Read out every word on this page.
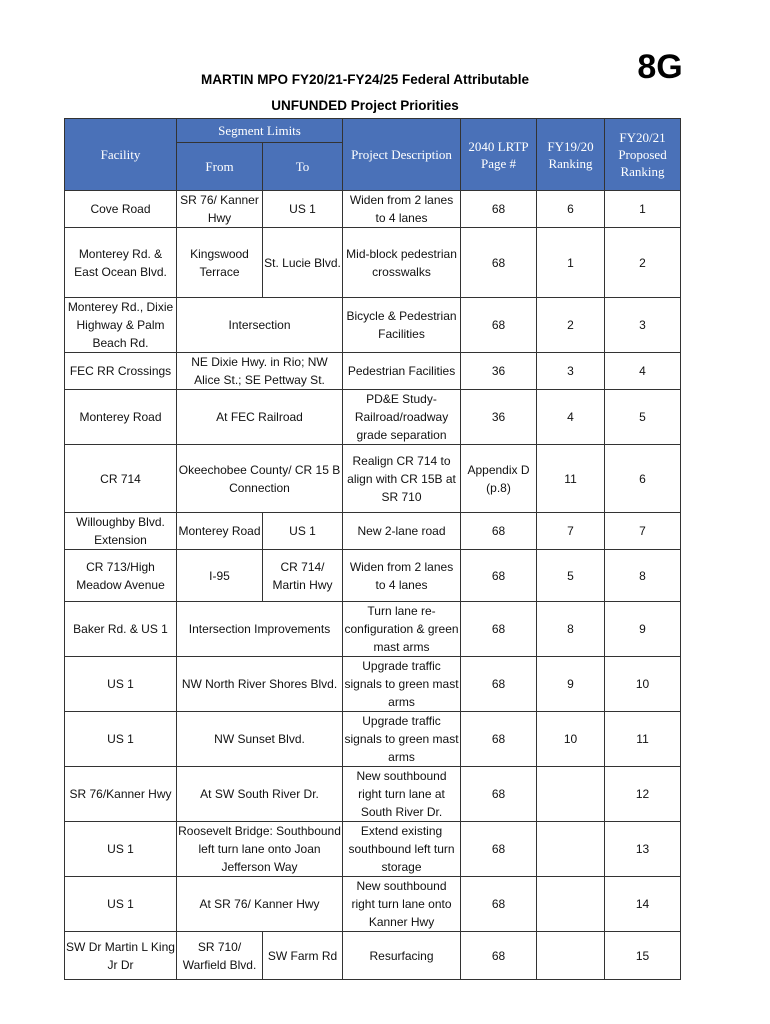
8G
MARTIN MPO FY20/21-FY24/25 Federal Attributable
UNFUNDED Project Priorities
Facility	Segment Limits		Project Description	2040 LRTP Page #	FY19/20 Ranking	FY20/21 Proposed Ranking
	From	To				
Cove Road	SR 76/ Kanner Hwy	US 1	Widen from 2 lanes to 4 lanes	68	6	1
Monterey Rd. & East Ocean Blvd.	Kingswood Terrace	St. Lucie Blvd.	Mid-block pedestrian crosswalks	68	1	2
Monterey Rd., Dixie Highway & Palm Beach Rd.	Intersection		Bicycle & Pedestrian Facilities	68	2	3
FEC RR Crossings	NE Dixie Hwy. in Rio; NW Alice St.; SE Pettway St.		Pedestrian Facilities	36	3	4
Monterey Road	At FEC Railroad		PD&E Study- Railroad/roadway grade separation	36	4	5
CR 714	Okeechobee County/ CR 15 B Connection		Realign CR 714 to align with CR 15B at SR 710	Appendix D (p.8)	11	6
Willoughby Blvd. Extension	Monterey Road	US 1	New 2-lane road	68	7	7
CR 713/High Meadow Avenue	I-95	CR 714/ Martin Hwy	Widen from 2 lanes to 4 lanes	68	5	8
Baker Rd. & US 1	Intersection Improvements		Turn lane re-configuration & green mast arms	68	8	9
US 1	NW North River Shores Blvd.		Upgrade traffic signals to green mast arms	68	9	10
US 1	NW Sunset Blvd.		Upgrade traffic signals to green mast arms	68	10	11
SR 76/Kanner Hwy	At SW South River Dr.		New southbound right turn lane at South River Dr.	68		12
US 1	Roosevelt Bridge: Southbound left turn lane onto Joan Jefferson Way		Extend existing southbound left turn storage	68		13
US 1	At SR 76/ Kanner Hwy		New southbound right turn lane onto Kanner Hwy	68		14
SW Dr Martin L King Jr Dr	SR 710/ Warfield Blvd.	SW Farm Rd	Resurfacing	68		15
